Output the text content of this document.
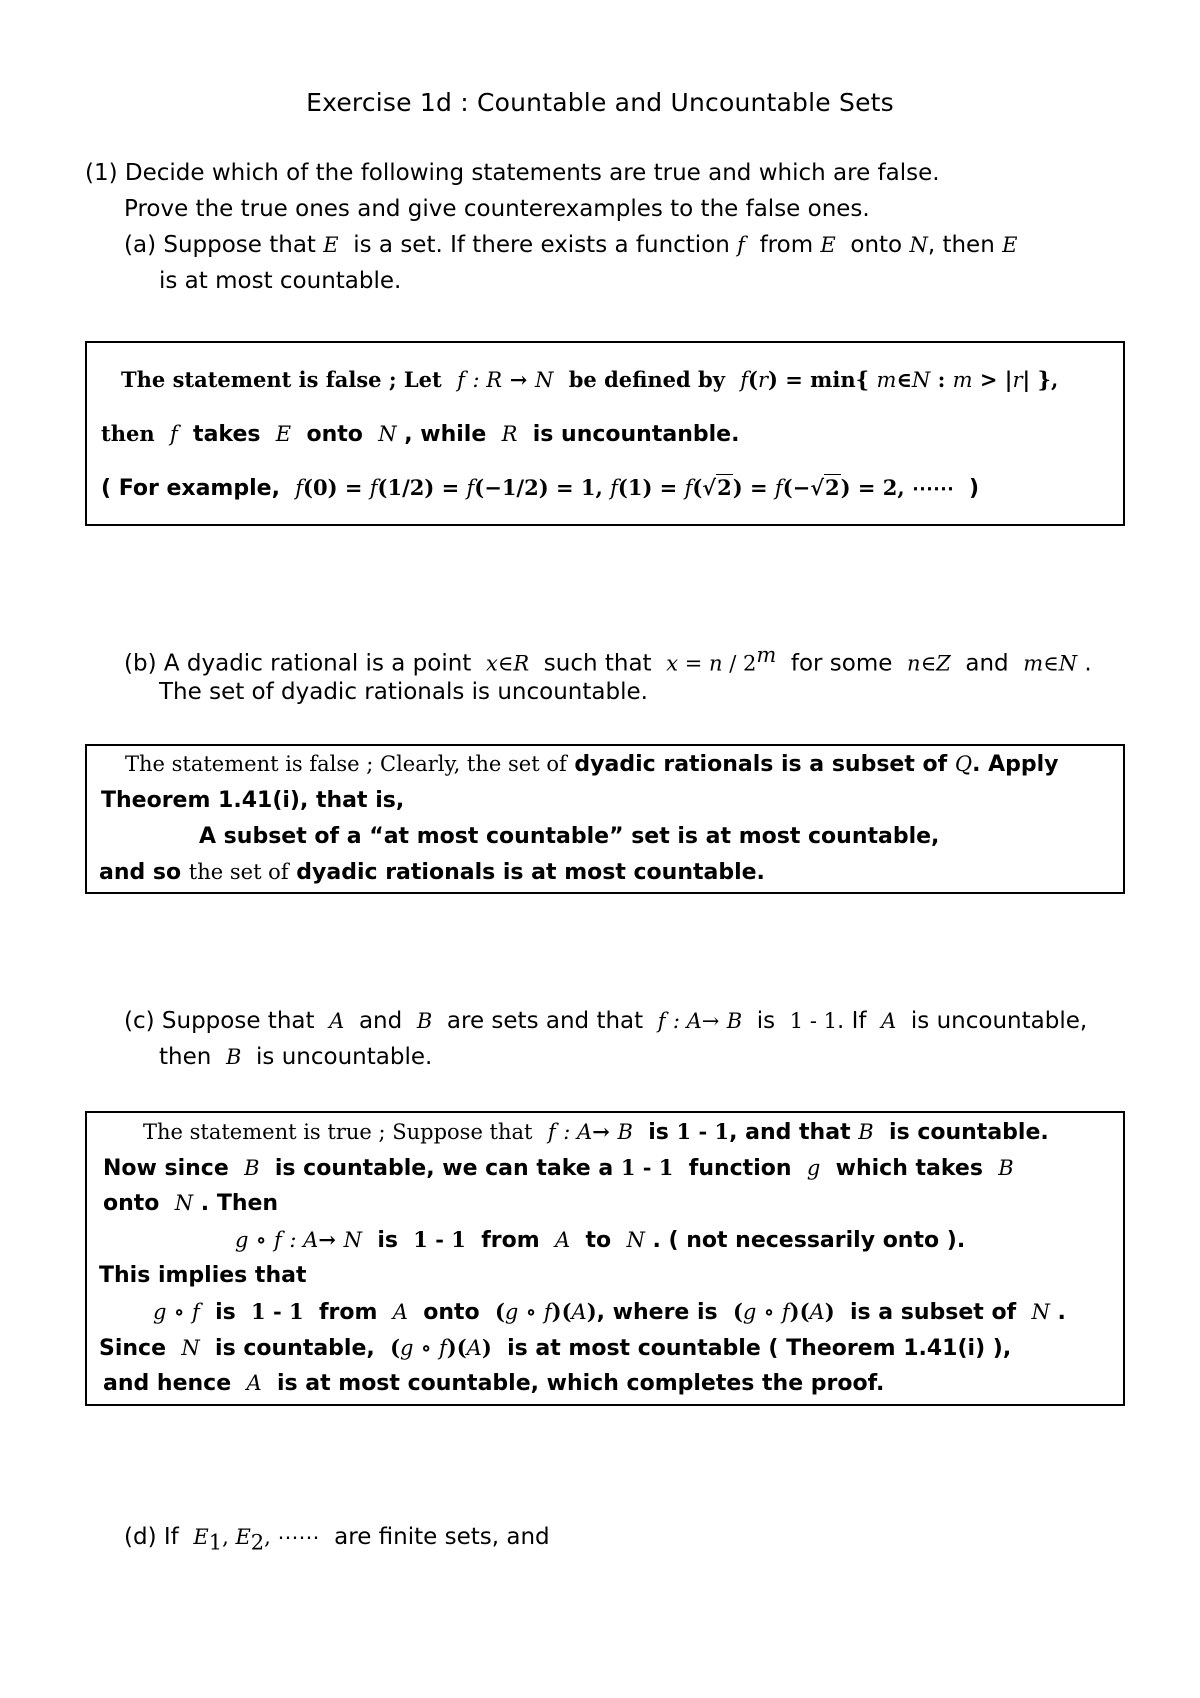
Exercise 1d : Countable and Uncountable Sets
(1) Decide which of the following statements are true and which are false.
Prove the true ones and give counterexamples to the false ones.
(a) Suppose that E is a set. If there exists a function f from E onto N, then E
is at most countable.
The statement is false ; Let f : R → N be defined by f(r) = min{ m∈N : m > |r| },
then f takes E onto N , while R is uncountanble.
( For example, f(0) = f(1/2) = f(−1/2) = 1, f(1) = f(√2) = f(−√2) = 2, ⋯⋯  )
(b) A dyadic rational is a point x∈R such that x = n / 2$^m$ for some n∈Z and m∈N .
The set of dyadic rationals is uncountable.
The statement is false ; Clearly, the set of dyadic rationals is a subset of Q. Apply
Theorem 1.41(i), that is,
A subset of a “at most countable” set is at most countable,
and so the set of dyadic rationals is at most countable.
(c) Suppose that A and B are sets and that f : A→ B is 1 - 1. If A is uncountable,
then B is uncountable.
The statement is true ; Suppose that f : A→ B is 1 - 1, and that B is countable.
Now since B is countable, we can take a 1 - 1 function g which takes B
onto N . Then
g ∘ f : A→ N is 1 - 1 from A to N . ( not necessarily onto ).
This implies that
g ∘ f is 1 - 1 from A onto (g ∘ f)(A), where is (g ∘ f)(A) is a subset of N .
Since N is countable, (g ∘ f)(A) is at most countable ( Theorem 1.41(i) ),
and hence A is at most countable, which completes the proof.
(d) If $E_1$, $E_2$, ⋯⋯ are finite sets, and
